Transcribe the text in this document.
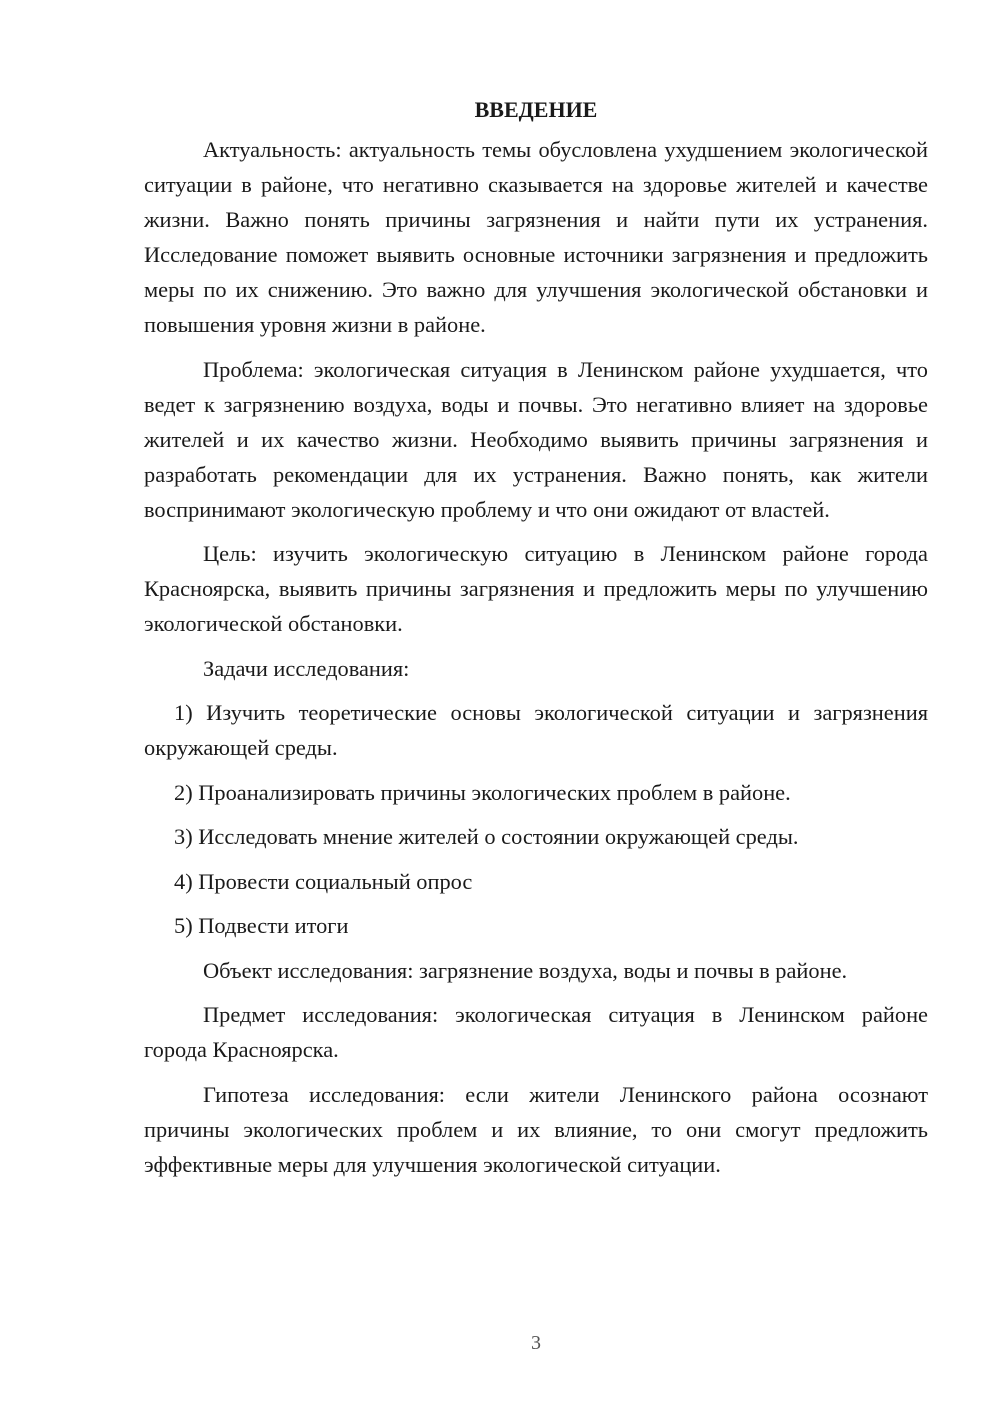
ВВЕДЕНИЕ

Актуальность: актуальность темы обусловлена ухудшением экологической ситуации в районе, что негативно сказывается на здоровье жителей и качестве жизни. Важно понять причины загрязнения и найти пути их устранения. Исследование поможет выявить основные источники загрязнения и предложить меры по их снижению. Это важно для улучшения экологической обстановки и повышения уровня жизни в районе.

Проблема: экологическая ситуация в Ленинском районе ухудшается, что ведет к загрязнению воздуха, воды и почвы. Это негативно влияет на здоровье жителей и их качество жизни. Необходимо выявить причины загрязнения и разработать рекомендации для их устранения. Важно понять, как жители воспринимают экологическую проблему и что они ожидают от властей.

Цель: изучить экологическую ситуацию в Ленинском районе города Красноярска, выявить причины загрязнения и предложить меры по улучшению экологической обстановки.

Задачи исследования:

1) Изучить теоретические основы экологической ситуации и загрязнения окружающей среды.

2) Проанализировать причины экологических проблем в районе.

3) Исследовать мнение жителей о состоянии окружающей среды.

4) Провести социальный опрос

5) Подвести итоги

Объект исследования: загрязнение воздуха, воды и почвы в районе.

Предмет исследования: экологическая ситуация в Ленинском районе города Красноярска.

Гипотеза исследования: если жители Ленинского района осознают причины экологических проблем и их влияние, то они смогут предложить эффективные меры для улучшения экологической ситуации.

3
